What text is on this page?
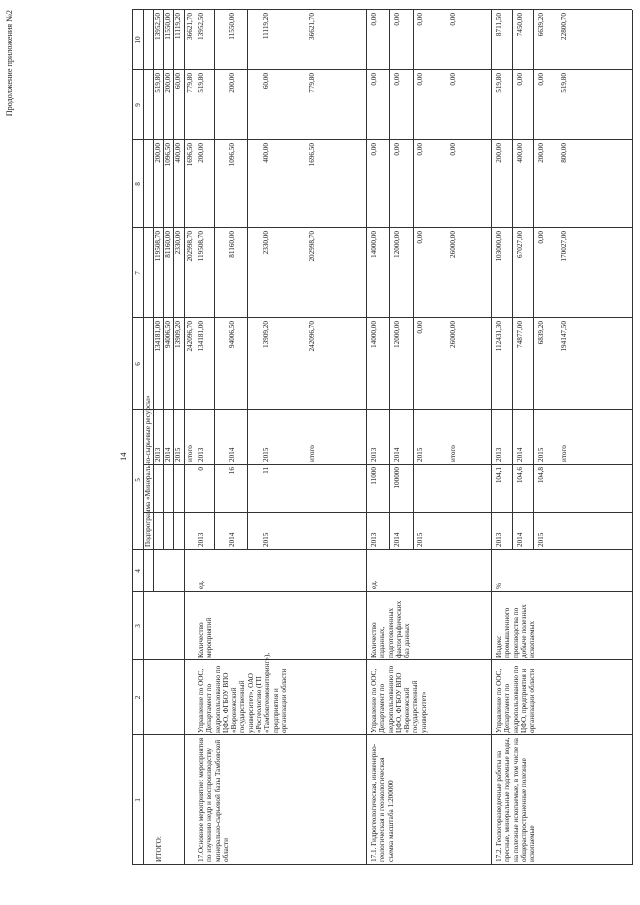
14
Продолжение приложения №2
1
2
3
4
5
6
7
8
9
10
Подпрограмма «Минерально-сырьевые ресурсы»
ИТОГО:
2013
134181,00
119508,70
200,00
519,80
13952,50
2014
94006,50
81160,00
1096,50
200,00
11550,00
2015
13909,20
2330,00
400,00
60,00
11119,20
итого
242096,70
202998,70
1696,50
779,80
36621,70
17.Основное мероприятие: мероприятия по изучению недр и воспроизводству минерально-сырьевой базы Тамбовской области
Управление по ООС, Департамент по недропользованию по ЦФО, ФГБОУ ВПО «Воронежский государственный университет», ОАО «Росгеологию (ГП «Тамбовгеомониторинг»), предприятия и организации области
Количество мероприятий
ед.
2013
0
2013
134181,00
119508,70
200,00
519,80
13952,50
2014
16
2014
94006,50
81160,00
1096,50
200,00
11550,00
2015
11
2015
13909,20
2330,00
400,00
60,00
11119,20
итого
242096,70
202998,70
1696,50
779,80
36621,70
17.1. Гидрогеологическая, инженерно-геологическая и геоэкологическая съемка масштаба 1:200000
Управление по ООС, Департамент по недропользованию по ЦФО, ФГБОУ ВПО «Воронежский государственный университет»
Количество изданных, подготовленных фактографических баз данных
ед.
2013
11000
2013
14000,00
14000,00
0,00
0,00
0,00
2014
100000
2014
12000,00
12000,00
0,00
0,00
0,00
2015
2015
0,00
0,00
0,00
0,00
0,00
итого
26000,00
26000,00
0,00
0,00
0,00
17.2. Геологоразведочные работы на пресные, минеральные подземные воды, на полезные ископаемые, в том числе на общераспространенные полезные ископаемые
Управление по ООС, Департамент по недропользованию по ЦФО, предприятия и организации области
Индекс промышленного производства по добыче полезных ископаемых
%
2013
104,1
2013
112431,30
103000,00
200,00
519,80
8711,50
2014
104,6
2014
74877,00
67027,00
400,00
0,00
7450,00
2015
104,8
2015
6839,20
0,00
200,00
0,00
6639,20
итого
194147,50
170027,00
800,00
519,80
22800,70
